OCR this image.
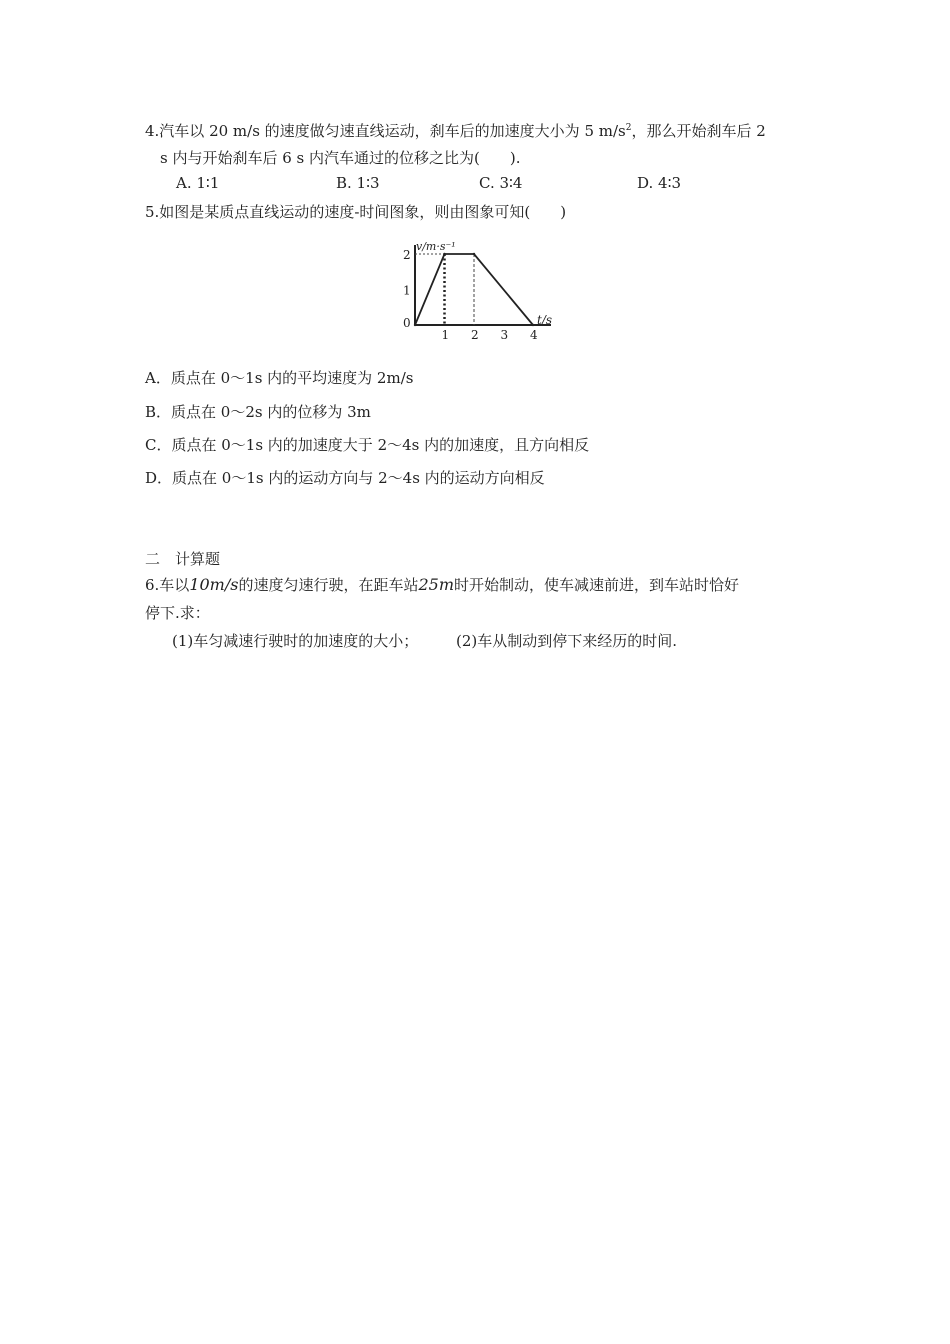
4.汽车以 20 m/s 的速度做匀速直线运动，刹车后的加速度大小为 5 $m/s^2$，那么开始刹车后 2
s 内与开始刹车后 6 s 内汽车通过的位移之比为(　　).
A. 1∶1	B. 1∶3	C. 3∶4	D. 4∶3
5.如图是某质点直线运动的速度-时间图象，则由图象可知(　　)
t/s
v/m·s⁻¹
0
1 2 3 4
1
2
A．质点在 0～1s 内的平均速度为 2m/s
B．质点在 0～2s 内的位移为 3m
C．质点在 0～1s 内的加速度大于 2～4s 内的加速度，且方向相反
D．质点在 0～1s 内的运动方向与 2～4s 内的运动方向相反
二　计算题
6.车以10m/s的速度匀速行驶，在距车站25m时开始制动，使车减速前进，到车站时恰好
停下.求：
(1)车匀减速行驶时的加速度的大小；	(2)车从制动到停下来经历的时间.
